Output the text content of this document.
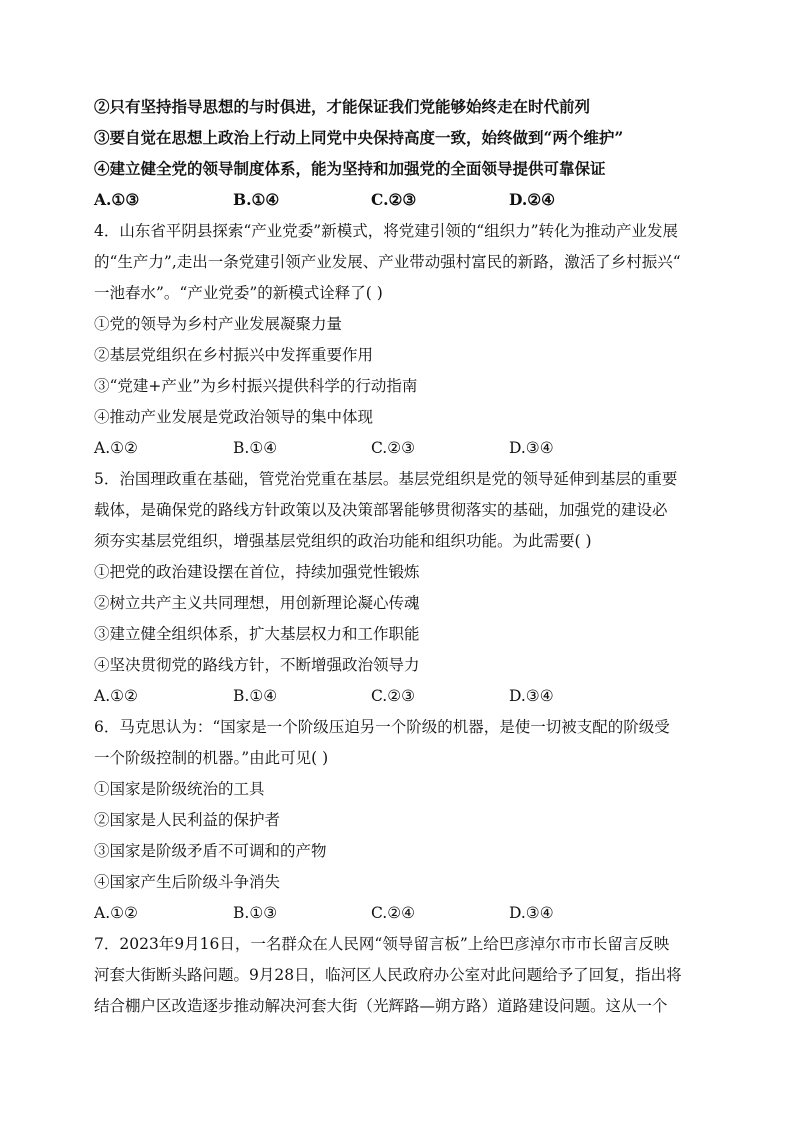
②只有坚持指导思想的与时俱进，才能保证我们党能够始终走在时代前列
③要自觉在思想上政治上行动上同党中央保持高度一致，始终做到“两个维护”
④建立健全党的领导制度体系，能为坚持和加强党的全面领导提供可靠保证
A.①③	B.①④	C.②③	D.②④
4．山东省平阴县探索“产业党委”新模式，将党建引领的“组织力”转化为推动产业发展
的“生产力”,走出一条党建引领产业发展、产业带动强村富民的新路，激活了乡村振兴“
一池春水”。“产业党委”的新模式诠释了( )
①党的领导为乡村产业发展凝聚力量
②基层党组织在乡村振兴中发挥重要作用
③“党建+产业”为乡村振兴提供科学的行动指南
④推动产业发展是党政治领导的集中体现
A.①②	B.①④	C.②③	D.③④
5．治国理政重在基础，管党治党重在基层。基层党组织是党的领导延伸到基层的重要
载体，是确保党的路线方针政策以及决策部署能够贯彻落实的基础，加强党的建设必
须夯实基层党组织，增强基层党组织的政治功能和组织功能。为此需要( )
①把党的政治建设摆在首位，持续加强党性锻炼
②树立共产主义共同理想，用创新理论凝心传魂
③建立健全组织体系，扩大基层权力和工作职能
④坚决贯彻党的路线方针，不断增强政治领导力
A.①②	B.①④	C.②③	D.③④
6．马克思认为：“国家是一个阶级压迫另一个阶级的机器，是使一切被支配的阶级受
一个阶级控制的机器。”由此可见( )
①国家是阶级统治的工具
②国家是人民利益的保护者
③国家是阶级矛盾不可调和的产物
④国家产生后阶级斗争消失
A.①②	B.①③	C.②④	D.③④
7．2023年9月16日，一名群众在人民网“领导留言板”上给巴彦淖尔市市长留言反映
河套大街断头路问题。9月28日，临河区人民政府办公室对此问题给予了回复，指出将
结合棚户区改造逐步推动解决河套大街（光辉路—朔方路）道路建设问题。这从一个
